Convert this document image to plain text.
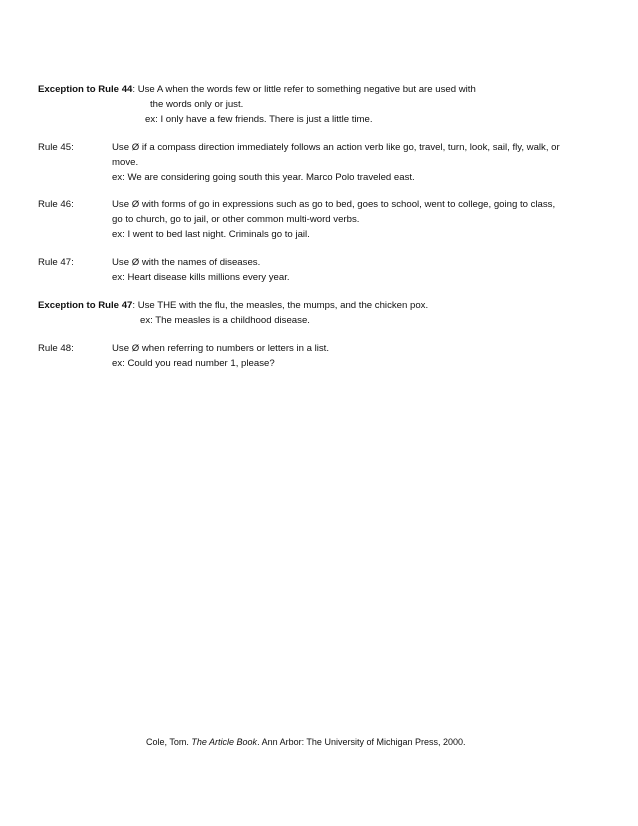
Exception to Rule 44: Use A when the words few or little refer to something negative but are used with
the words only or just.
ex: I only have a few friends. There is just a little time.
Rule 45:	Use Ø if a compass direction immediately follows an action verb like go, travel, turn, look, sail, fly, walk, or
move.
ex: We are considering going south this year. Marco Polo traveled east.
Rule 46:	Use Ø with forms of go in expressions such as go to bed, goes to school, went to college, going to class,
go to church, go to jail, or other common multi-word verbs.
ex: I went to bed last night. Criminals go to jail.
Rule 47:	Use Ø with the names of diseases.
ex: Heart disease kills millions every year.
Exception to Rule 47: Use THE with the flu, the measles, the mumps, and the chicken pox.
ex: The measles is a childhood disease.
Rule 48:	Use Ø when referring to numbers or letters in a list.
ex: Could you read number 1, please?
Cole, Tom. The Article Book. Ann Arbor: The University of Michigan Press, 2000.
